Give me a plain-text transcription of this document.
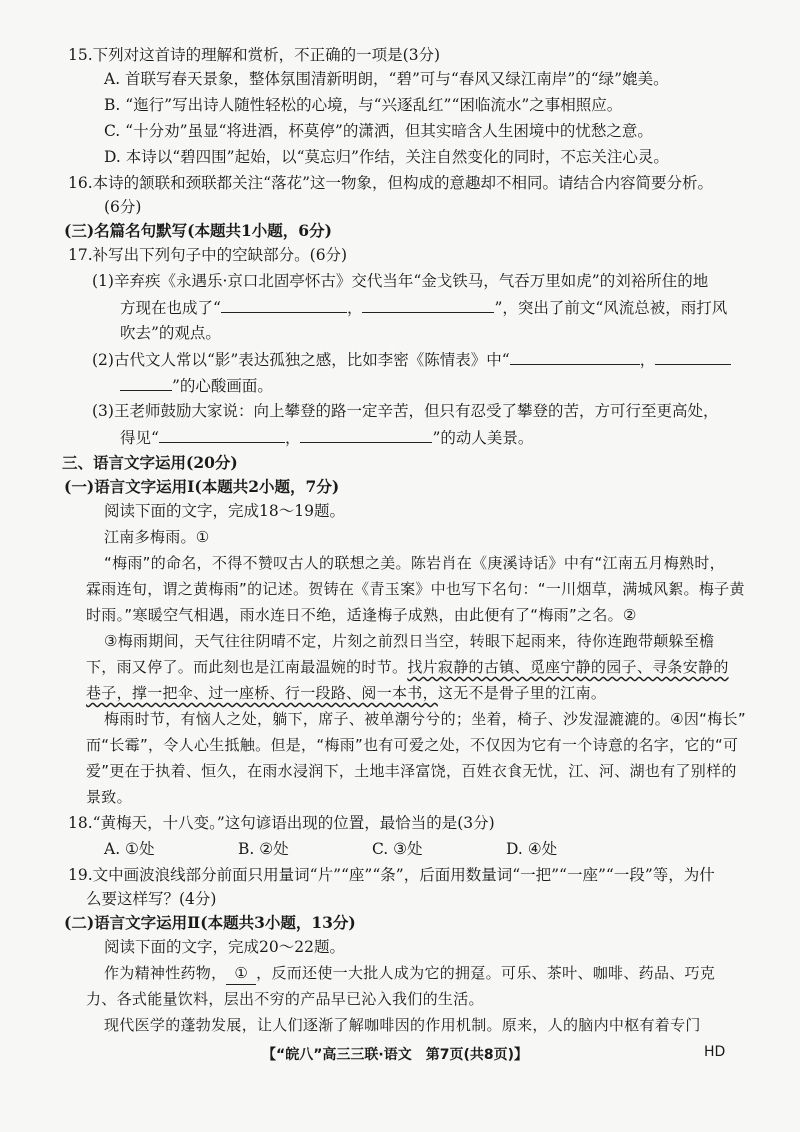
15.下列对这首诗的理解和赏析，不正确的一项是(3分)
A. 首联写春天景象，整体氛围清新明朗，“碧”可与“春风又绿江南岸”的“绿”媲美。
B. “迤行”写出诗人随性轻松的心境，与“兴逐乱红”“困临流水”之事相照应。
C. “十分劝”虽显“将进酒，杯莫停”的潇洒，但其实暗含人生困境中的忧愁之意。
D. 本诗以“碧四围”起始，以“莫忘归”作结，关注自然变化的同时，不忘关注心灵。
16.本诗的颔联和颈联都关注“落花”这一物象，但构成的意趣却不相同。请结合内容简要分析。
(6分)
(三)名篇名句默写(本题共1小题，6分)
17.补写出下列句子中的空缺部分。(6分)
(1)辛弃疾《永遇乐·京口北固亭怀古》交代当年“金戈铁马，气吞万里如虎”的刘裕所住的地
方现在也成了“	，	”，突出了前文“风流总被，雨打风
吹去”的观点。
(2)古代文人常以“影”表达孤独之感，比如李密《陈情表》中“	，
”的心酸画面。
(3)王老师鼓励大家说：向上攀登的路一定辛苦，但只有忍受了攀登的苦，方可行至更高处，
得见“	，	”的动人美景。
三、语言文字运用(20分)
(一)语言文字运用Ⅰ(本题共2小题，7分)
阅读下面的文字，完成18～19题。
江南多梅雨。①
“梅雨”的命名，不得不赞叹古人的联想之美。陈岩肖在《庚溪诗话》中有“江南五月梅熟时，
霖雨连旬，谓之黄梅雨”的记述。贺铸在《青玉案》中也写下名句：“一川烟草，满城风絮。梅子黄
时雨。”寒暖空气相遇，雨水连日不绝，适逢梅子成熟，由此便有了“梅雨”之名。②
③梅雨期间，天气往往阴晴不定，片刻之前烈日当空，转眼下起雨来，待你连跑带颠躲至檐
下，雨又停了。而此刻也是江南最温婉的时节。找片寂静的古镇、觅座宁静的园子、寻条安静的
巷子，撑一把伞、过一座桥、行一段路、阅一本书，这无不是骨子里的江南。
梅雨时节，有恼人之处，躺下，席子、被单潮兮兮的；坐着，椅子、沙发湿漉漉的。④因“梅长”
而“长霉”，令人心生抵触。但是，“梅雨”也有可爱之处，不仅因为它有一个诗意的名字，它的“可
爱”更在于执着、恒久，在雨水浸润下，土地丰泽富饶，百姓衣食无忧，江、河、湖也有了别样的
景致。
18.“黄梅天，十八变。”这句谚语出现的位置，最恰当的是(3分)
A. ①处	B. ②处	C. ③处	D. ④处
19.文中画波浪线部分前面只用量词“片”“座”“条”，后面用数量词“一把”“一座”“一段”等，为什
么要这样写？(4分)
(二)语言文字运用Ⅱ(本题共3小题，13分)
阅读下面的文字，完成20～22题。
作为精神性药物， ① ，反而还使一大批人成为它的拥趸。可乐、茶叶、咖啡、药品、巧克
力、各式能量饮料，层出不穷的产品早已沁入我们的生活。
现代医学的蓬勃发展，让人们逐渐了解咖啡因的作用机制。原来，人的脑内中枢有着专门
【“皖八”高三三联·语文　第7页(共8页)】	HD
